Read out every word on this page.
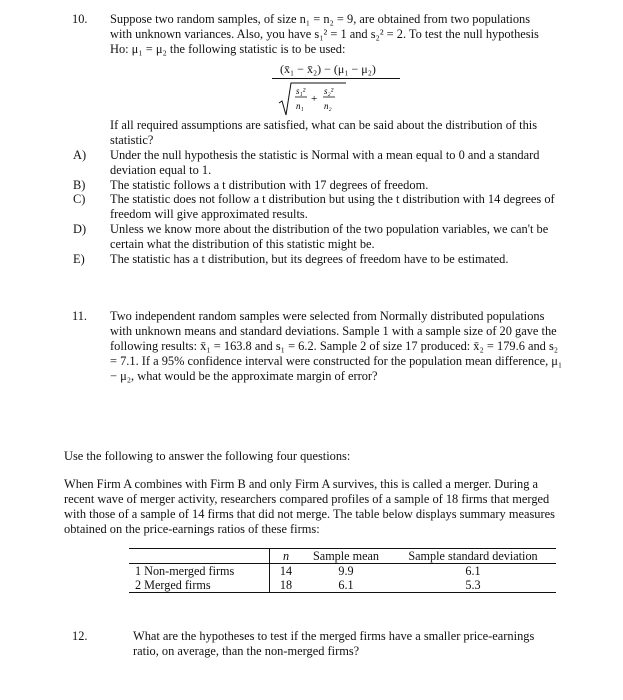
10. Suppose two random samples, of size n₁ = n₂ = 9, are obtained from two populations
with unknown variances. Also, you have s₁² = 1 and s₂² = 2. To test the null hypothesis
Ho: μ₁ = μ₂ the following statistic is to be used:
(x̄₁ − x̄₂) − (μ₁ − μ₂)
s₁²
n₁
+
s₂²
n₂
If all required assumptions are satisfied, what can be said about the distribution of this statistic?
A) Under the null hypothesis the statistic is Normal with a mean equal to 0 and a standard deviation equal to 1.
B) The statistic follows a t distribution with 17 degrees of freedom.
C) The statistic does not follow a t distribution but using the t distribution with 14 degrees of freedom will give approximated results.
D) Unless we know more about the distribution of the two population variables, we can't be certain what the distribution of this statistic might be.
E) The statistic has a t distribution, but its degrees of freedom have to be estimated.
11. Two independent random samples were selected from Normally distributed populations with unknown means and standard deviations. Sample 1 with a sample size of 20 gave the following results: x̄₁ = 163.8 and s₁ = 6.2. Sample 2 of size 17 produced: x̄₂ = 179.6 and s₂ = 7.1. If a 95% confidence interval were constructed for the population mean difference, μ₁ − μ₂, what would be the approximate margin of error?
Use the following to answer the following four questions:
When Firm A combines with Firm B and only Firm A survives, this is called a merger. During a recent wave of merger activity, researchers compared profiles of a sample of 18 firms that merged with those of a sample of 14 firms that did not merge. The table below displays summary measures obtained on the price-earnings ratios of these firms:
	n	Sample mean	Sample standard deviation
1 Non-merged firms	14	9.9	6.1
2 Merged firms	18	6.1	5.3
12.	What are the hypotheses to test if the merged firms have a smaller price-earnings ratio, on average, than the non-merged firms?
